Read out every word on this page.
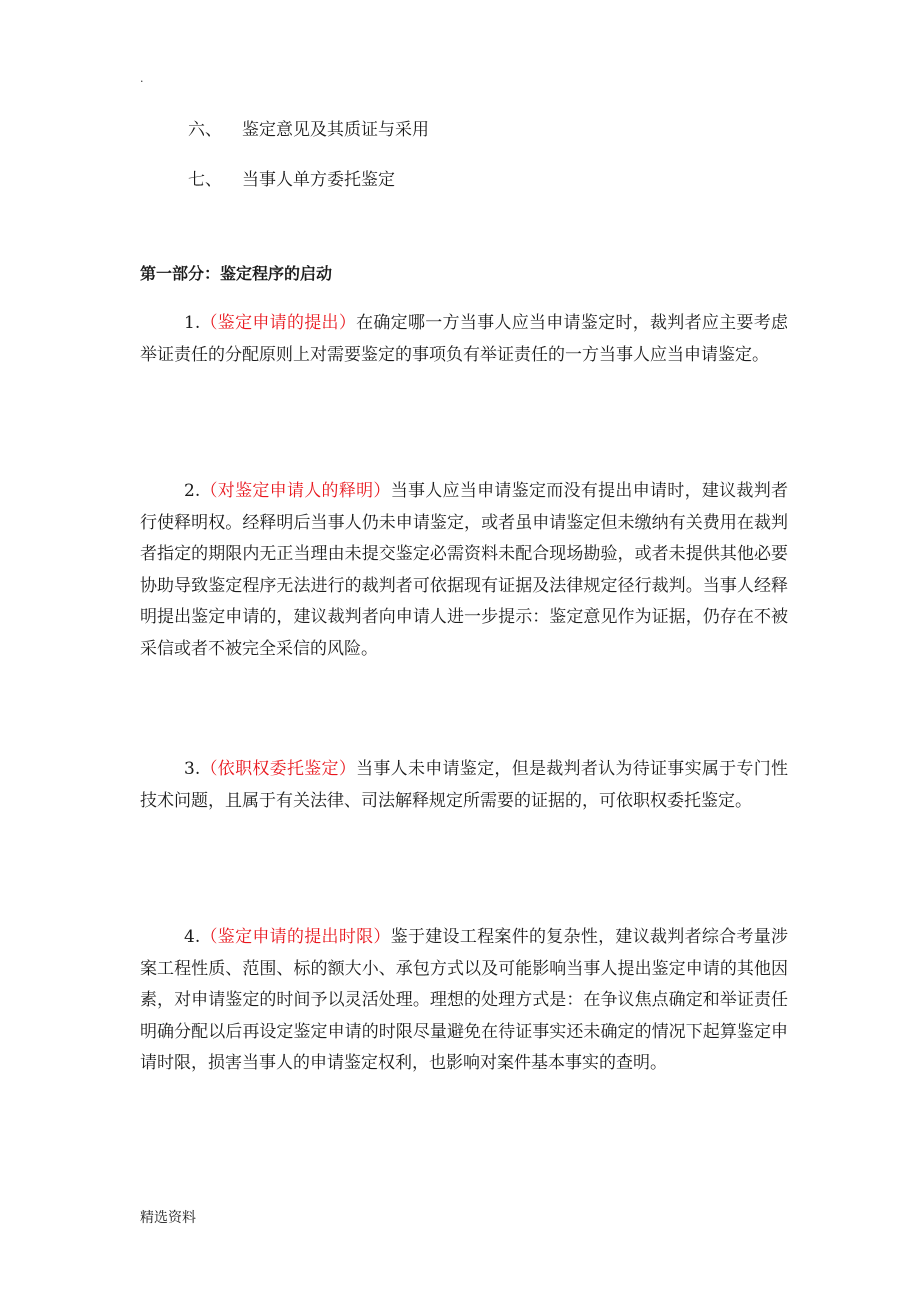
.
六、 鉴定意见及其质证与采用
七、 当事人单方委托鉴定
第一部分：鉴定程序的启动

1.（鉴定申请的提出）在确定哪一方当事人应当申请鉴定时，裁判者应主要考虑举证责任的分配原则上对需要鉴定的事项负有举证责任的一方当事人应当申请鉴定。

2.（对鉴定申请人的释明）当事人应当申请鉴定而没有提出申请时，建议裁判者行使释明权。经释明后当事人仍未申请鉴定，或者虽申请鉴定但未缴纳有关费用在裁判者指定的期限内无正当理由未提交鉴定必需资料未配合现场勘验，或者未提供其他必要协助导致鉴定程序无法进行的裁判者可依据现有证据及法律规定径行裁判。当事人经释明提出鉴定申请的，建议裁判者向申请人进一步提示：鉴定意见作为证据，仍存在不被采信或者不被完全采信的风险。

3.（依职权委托鉴定）当事人未申请鉴定，但是裁判者认为待证事实属于专门性技术问题，且属于有关法律、司法解释规定所需要的证据的，可依职权委托鉴定。

4.（鉴定申请的提出时限）鉴于建设工程案件的复杂性，建议裁判者综合考量涉案工程性质、范围、标的额大小、承包方式以及可能影响当事人提出鉴定申请的其他因素，对申请鉴定的时间予以灵活处理。理想的处理方式是：在争议焦点确定和举证责任明确分配以后再设定鉴定申请的时限尽量避免在待证事实还未确定的情况下起算鉴定申请时限，损害当事人的申请鉴定权利，也影响对案件基本事实的查明。

精选资料
